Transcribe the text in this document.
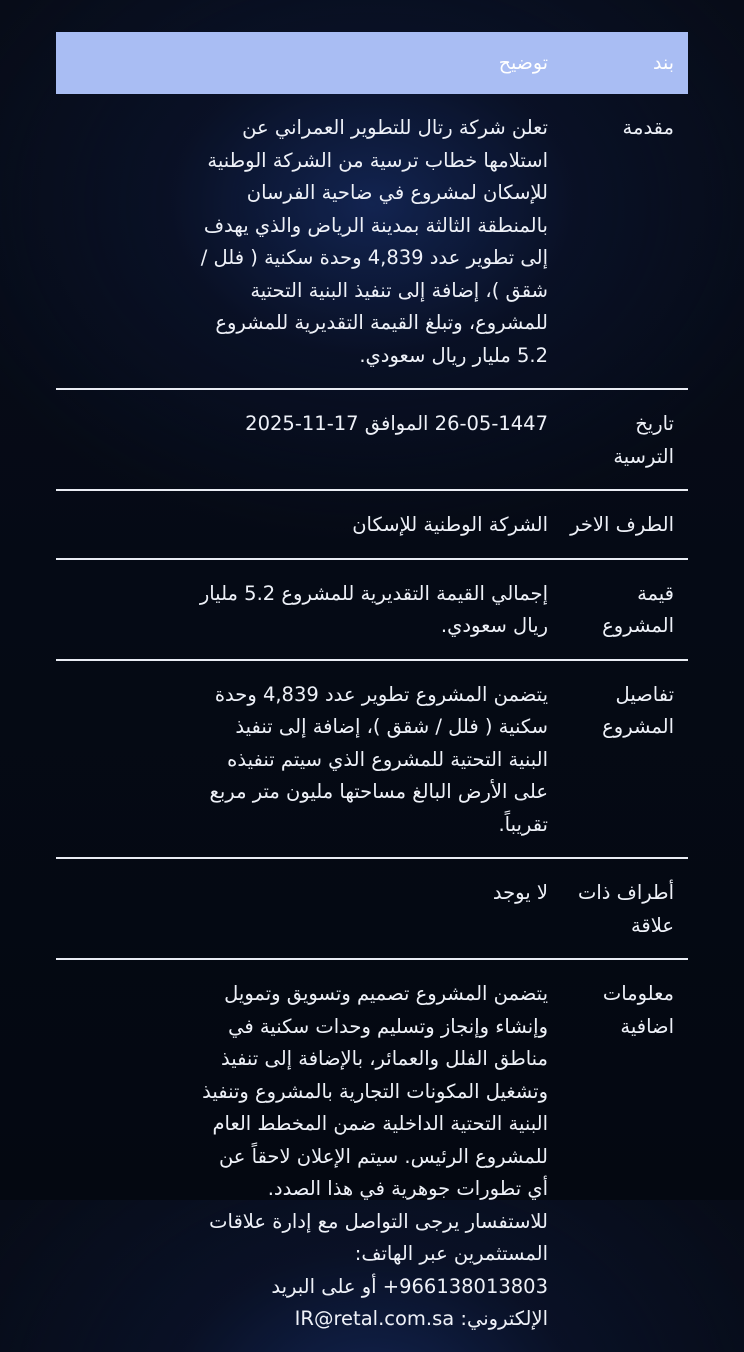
بند	توضيح
مقدمة	تعلن شركة رتال للتطوير العمراني عن استلامها خطاب ترسية من الشركة الوطنية للإسكان لمشروع في ضاحية الفرسان بالمنطقة الثالثة بمدينة الرياض والذي يهدف إلى تطوير عدد 4,839 وحدة سكنية ( فلل / شقق )، إضافة إلى تنفيذ البنية التحتية للمشروع، وتبلغ القيمة التقديرية للمشروع 5.2 مليار ريال سعودي.
تاريخ الترسية	26-05-1447 الموافق 17-11-2025
الطرف الاخر	الشركة الوطنية للإسكان
قيمة المشروع	إجمالي القيمة التقديرية للمشروع 5.2 مليار ريال سعودي.
تفاصيل المشروع	يتضمن المشروع تطوير عدد 4,839 وحدة سكنية ( فلل / شقق )، إضافة إلى تنفيذ البنية التحتية للمشروع الذي سيتم تنفيذه على الأرض البالغ مساحتها مليون متر مربع تقريباً.
أطراف ذات علاقة	لا يوجد
معلومات اضافية	يتضمن المشروع تصميم وتسويق وتمويل وإنشاء وإنجاز وتسليم وحدات سكنية في مناطق الفلل والعمائر، بالإضافة إلى تنفيذ وتشغيل المكونات التجارية بالمشروع وتنفيذ البنية التحتية الداخلية ضمن المخطط العام للمشروع الرئيس. سيتم الإعلان لاحقاً عن أي تطورات جوهرية في هذا الصدد. للاستفسار يرجى التواصل مع إدارة علاقات المستثمرين عبر الهاتف: 966138013803+ أو على البريد الإلكتروني: IR@retal.com.sa
